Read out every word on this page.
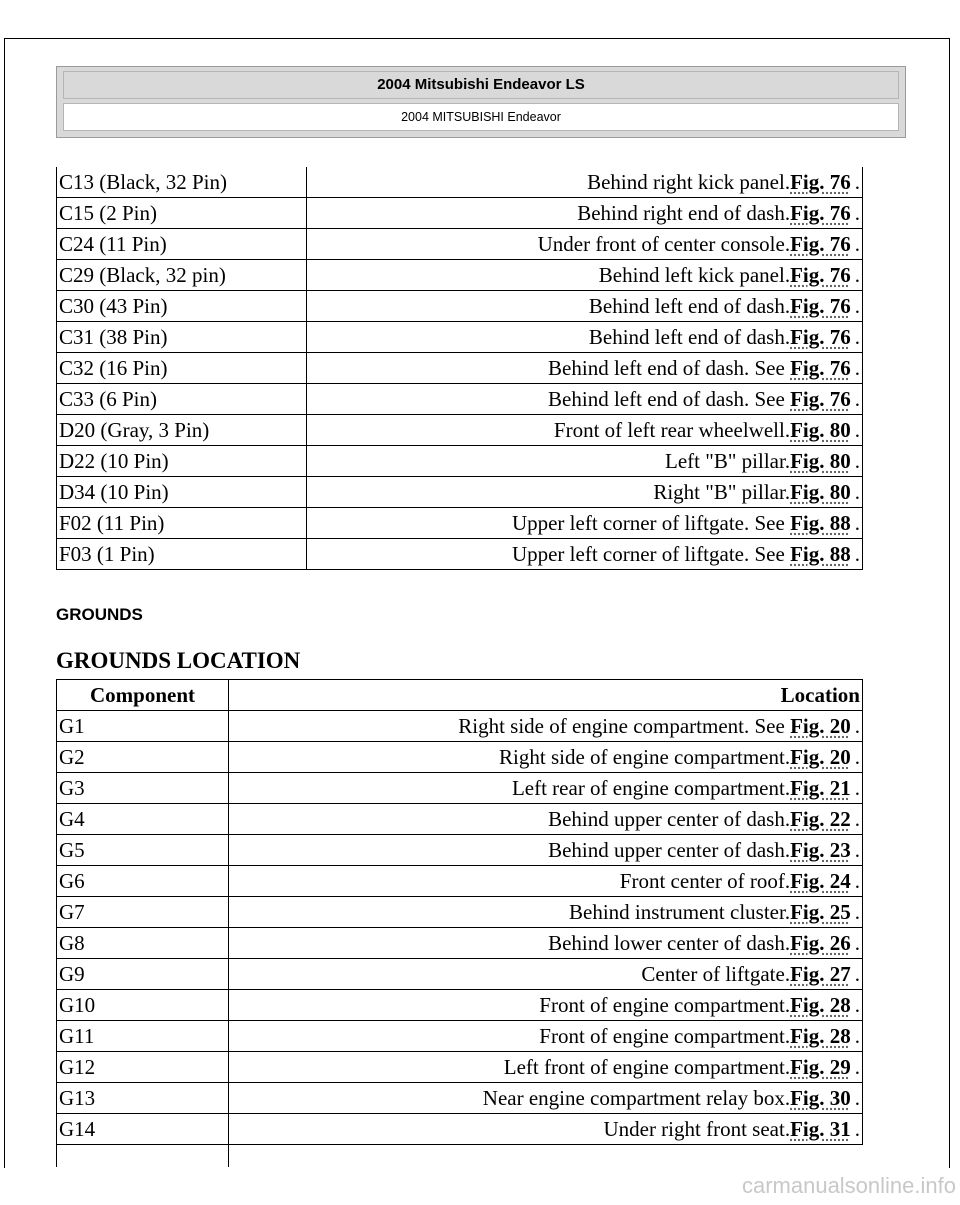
2004 Mitsubishi Endeavor LS
2004 MITSUBISHI Endeavor
C13 (Black, 32 Pin)	Behind right kick panel.Fig. 76 .
C15 (2 Pin)	Behind right end of dash.Fig. 76 .
C24 (11 Pin)	Under front of center console.Fig. 76 .
C29 (Black, 32 pin)	Behind left kick panel.Fig. 76 .
C30 (43 Pin)	Behind left end of dash.Fig. 76 .
C31 (38 Pin)	Behind left end of dash.Fig. 76 .
C32 (16 Pin)	Behind left end of dash. See Fig. 76 .
C33 (6 Pin)	Behind left end of dash. See Fig. 76 .
D20 (Gray, 3 Pin)	Front of left rear wheelwell.Fig. 80 .
D22 (10 Pin)	Left "B" pillar.Fig. 80 .
D34 (10 Pin)	Right "B" pillar.Fig. 80 .
F02 (11 Pin)	Upper left corner of liftgate. See Fig. 88 .
F03 (1 Pin)	Upper left corner of liftgate. See Fig. 88 .
GROUNDS
GROUNDS LOCATION
Component	Location
G1	Right side of engine compartment. See Fig. 20 .
G2	Right side of engine compartment.Fig. 20 .
G3	Left rear of engine compartment.Fig. 21 .
G4	Behind upper center of dash.Fig. 22 .
G5	Behind upper center of dash.Fig. 23 .
G6	Front center of roof.Fig. 24 .
G7	Behind instrument cluster.Fig. 25 .
G8	Behind lower center of dash.Fig. 26 .
G9	Center of liftgate.Fig. 27 .
G10	Front of engine compartment.Fig. 28 .
G11	Front of engine compartment.Fig. 28 .
G12	Left front of engine compartment.Fig. 29 .
G13	Near engine compartment relay box.Fig. 30 .
G14	Under right front seat.Fig. 31 .

carmanualsonline.info
